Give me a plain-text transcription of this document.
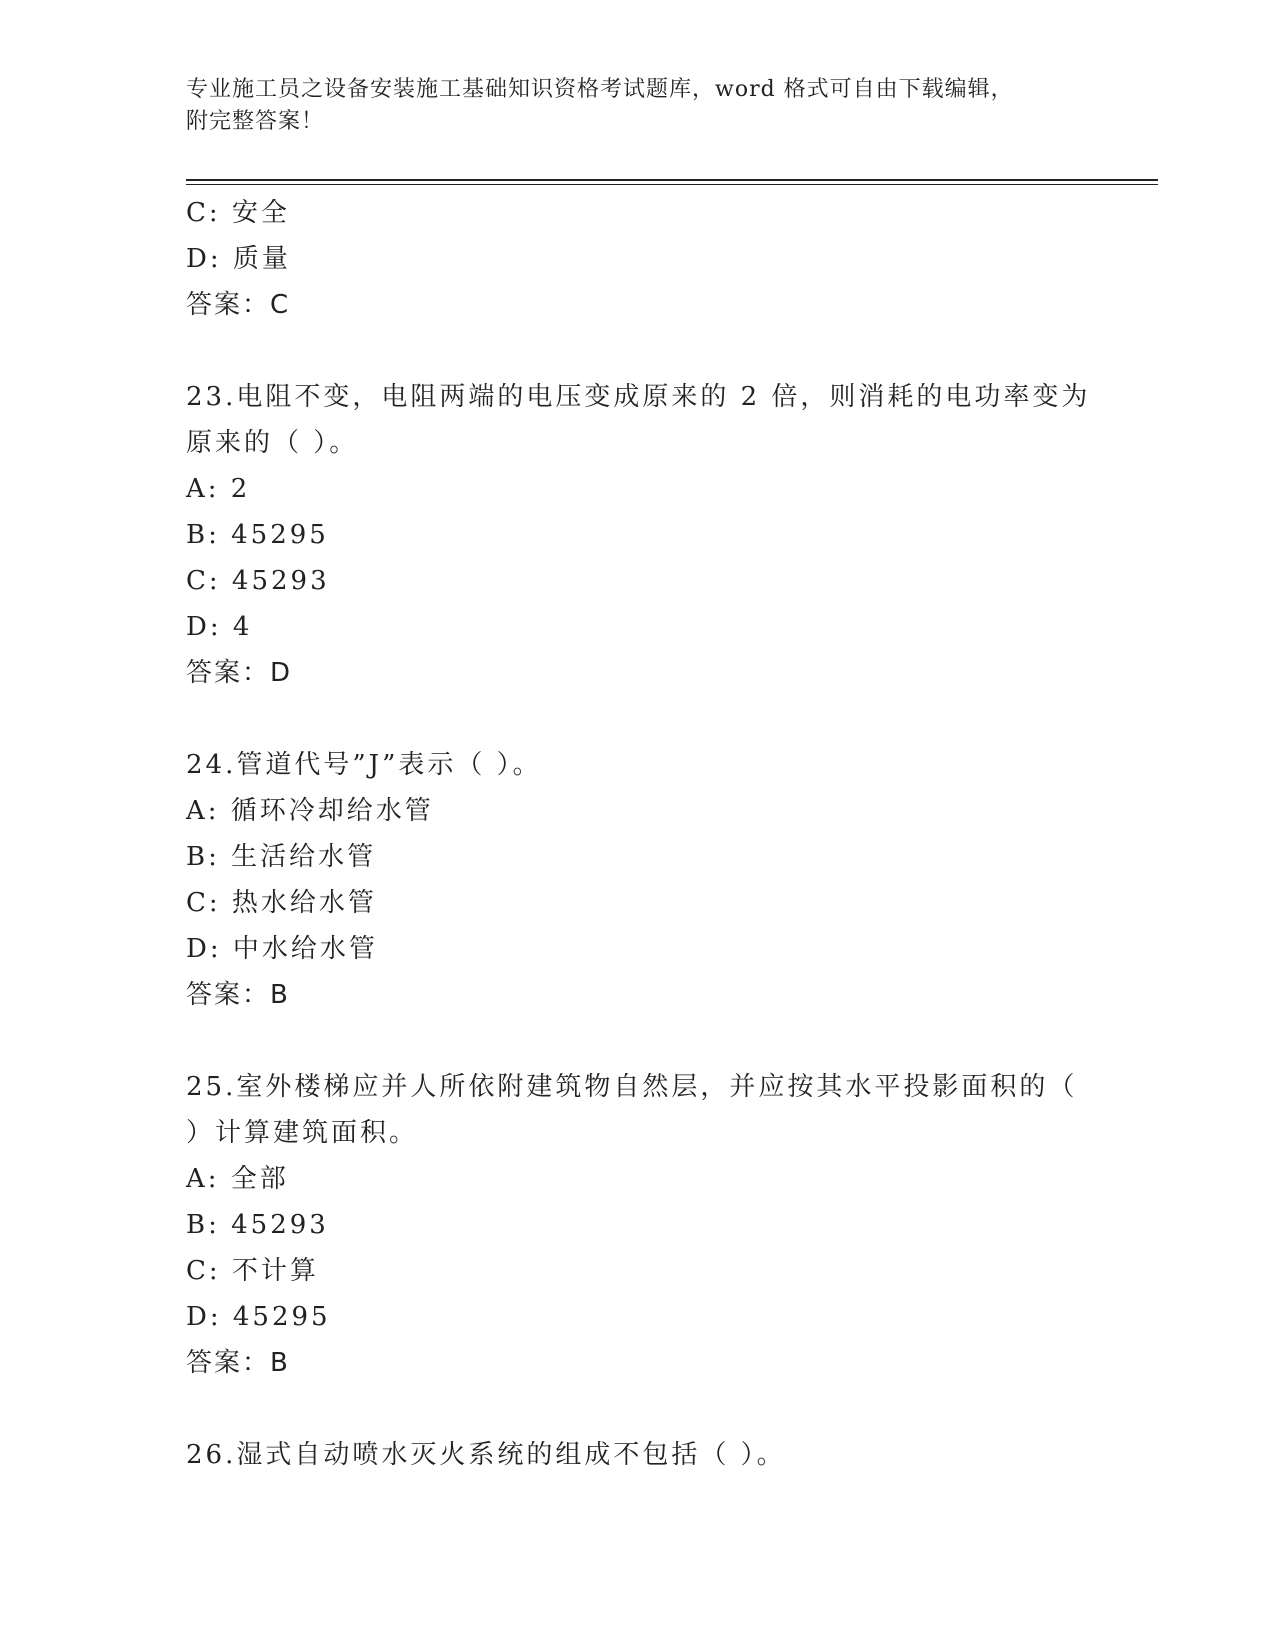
专业施工员之设备安装施工基础知识资格考试题库，word 格式可自由下载编辑，
附完整答案！
C: 安全
D: 质量
答案：C
23.电阻不变，电阻两端的电压变成原来的 2 倍，则消耗的电功率变为
原来的（ ）。
A: 2
B: 45295
C: 45293
D: 4
答案：D
24.管道代号”J”表示（ ）。
A: 循环冷却给水管
B: 生活给水管
C: 热水给水管
D: 中水给水管
答案：B
25.室外楼梯应并人所依附建筑物自然层，并应按其水平投影面积的（
）计算建筑面积。
A: 全部
B: 45293
C: 不计算
D: 45295
答案：B
26.湿式自动喷水灭火系统的组成不包括（ ）。
